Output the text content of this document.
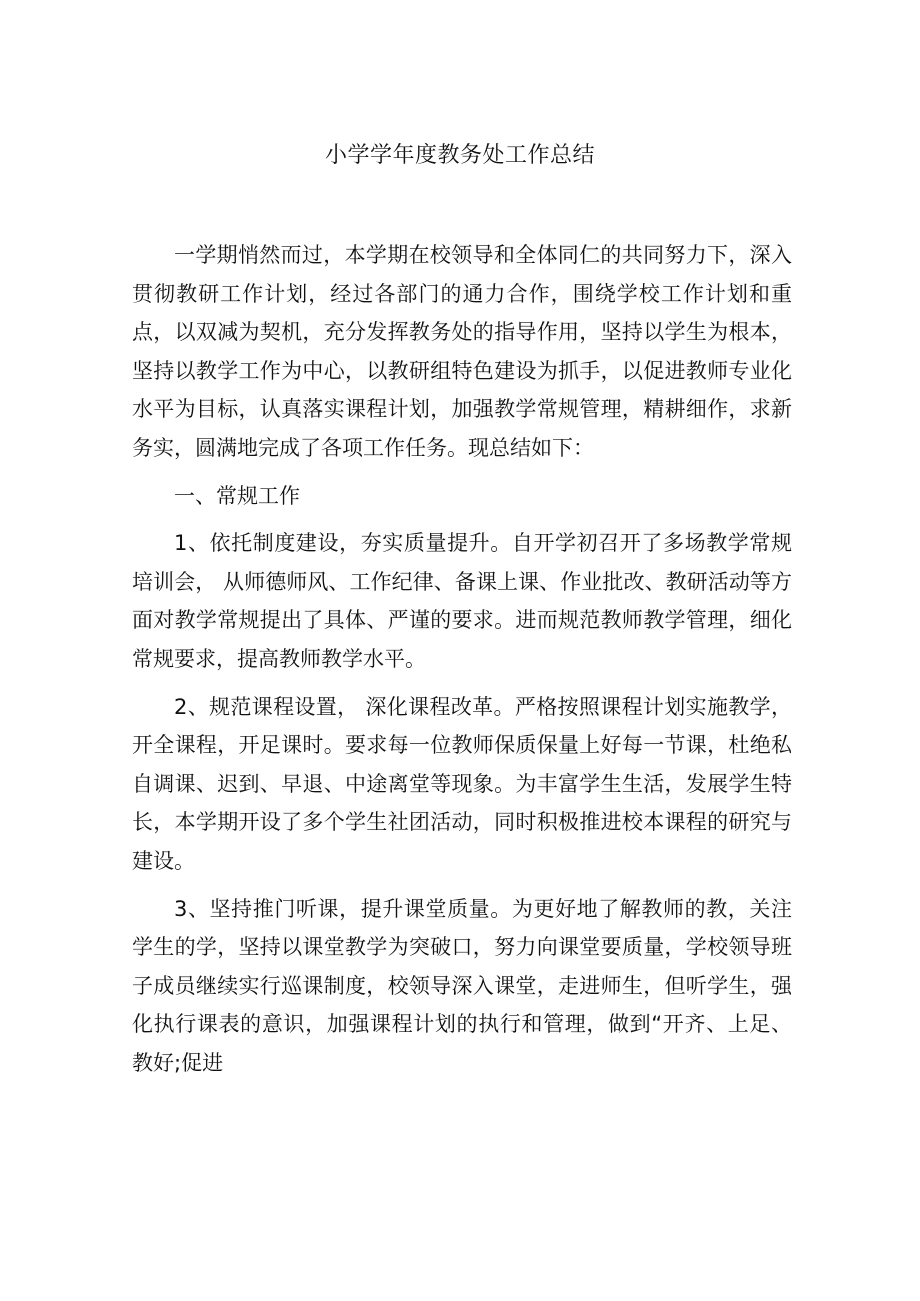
小学学年度教务处工作总结

一学期悄然而过，本学期在校领导和全体同仁的共同努力下，深入贯彻教研工作计划，经过各部门的通力合作，围绕学校工作计划和重点，以双减为契机，充分发挥教务处的指导作用，坚持以学生为根本，坚持以教学工作为中心，以教研组特色建设为抓手，以促进教师专业化水平为目标，认真落实课程计划，加强教学常规管理，精耕细作，求新务实，圆满地完成了各项工作任务。现总结如下：

一、常规工作

1、依托制度建设，夯实质量提升。自开学初召开了多场教学常规培训会， 从师德师风、工作纪律、备课上课、作业批改、教研活动等方面对教学常规提出了具体、严谨的要求。进而规范教师教学管理，细化常规要求，提高教师教学水平。

2、规范课程设置， 深化课程改革。严格按照课程计划实施教学，开全课程，开足课时。要求每一位教师保质保量上好每一节课，杜绝私自调课、迟到、早退、中途离堂等现象。为丰富学生生活，发展学生特长，本学期开设了多个学生社团活动，同时积极推进校本课程的研究与建设。

3、坚持推门听课，提升课堂质量。为更好地了解教师的教，关注学生的学，坚持以课堂教学为突破口，努力向课堂要质量，学校领导班子成员继续实行巡课制度，校领导深入课堂，走进师生，但听学生，强化执行课表的意识，加强课程计划的执行和管理，做到“开齐、上足、教好;促进
